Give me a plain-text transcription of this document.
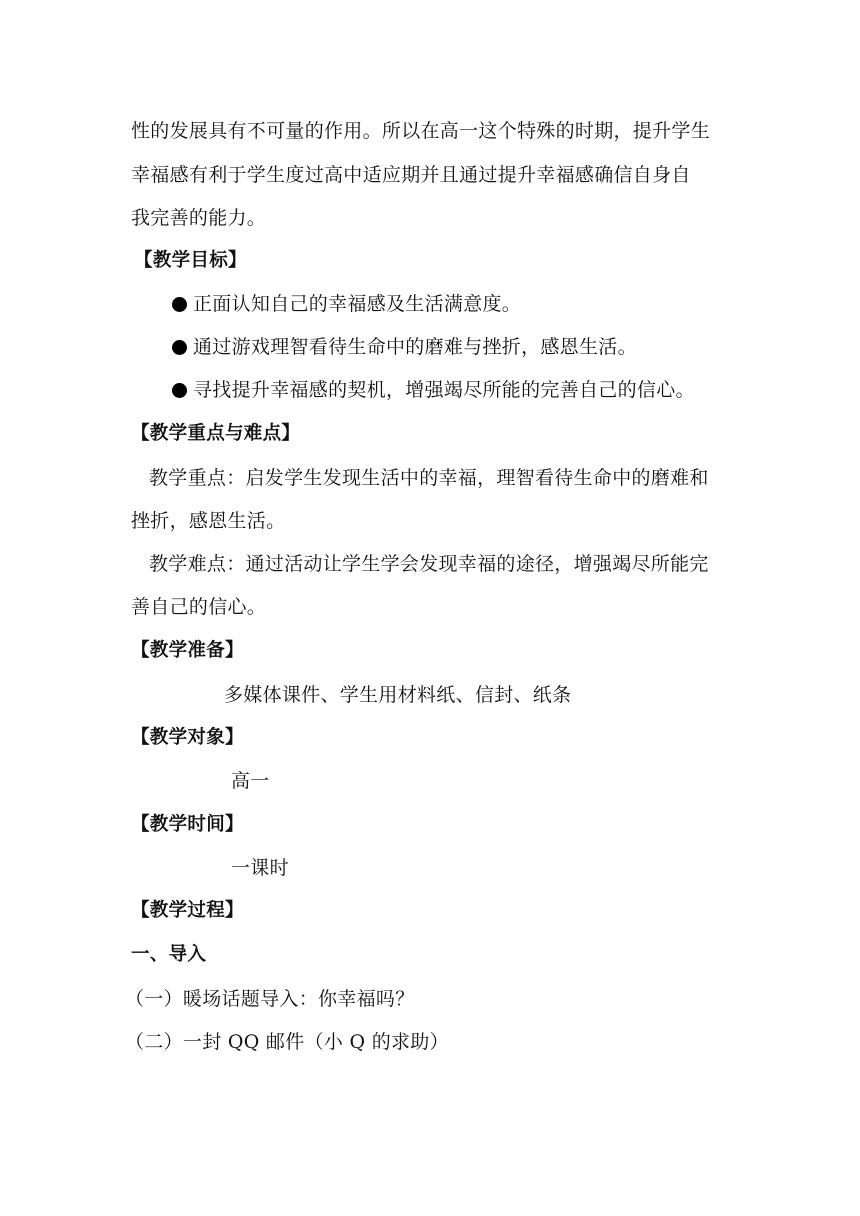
性的发展具有不可量的作用。所以在高一这个特殊的时期，提升学生
幸福感有利于学生度过高中适应期并且通过提升幸福感确信自身自
我完善的能力。
【教学目标】
正面认知自己的幸福感及生活满意度。
通过游戏理智看待生命中的磨难与挫折，感恩生活。
寻找提升幸福感的契机，增强竭尽所能的完善自己的信心。
【教学重点与难点】
教学重点：启发学生发现生活中的幸福，理智看待生命中的磨难和
挫折，感恩生活。
教学难点：通过活动让学生学会发现幸福的途径，增强竭尽所能完
善自己的信心。
【教学准备】
多媒体课件、学生用材料纸、信封、纸条
【教学对象】
高一
【教学时间】
一课时
【教学过程】
一、导入
（一）暖场话题导入：你幸福吗？
（二）一封 QQ 邮件（小 Q 的求助）
